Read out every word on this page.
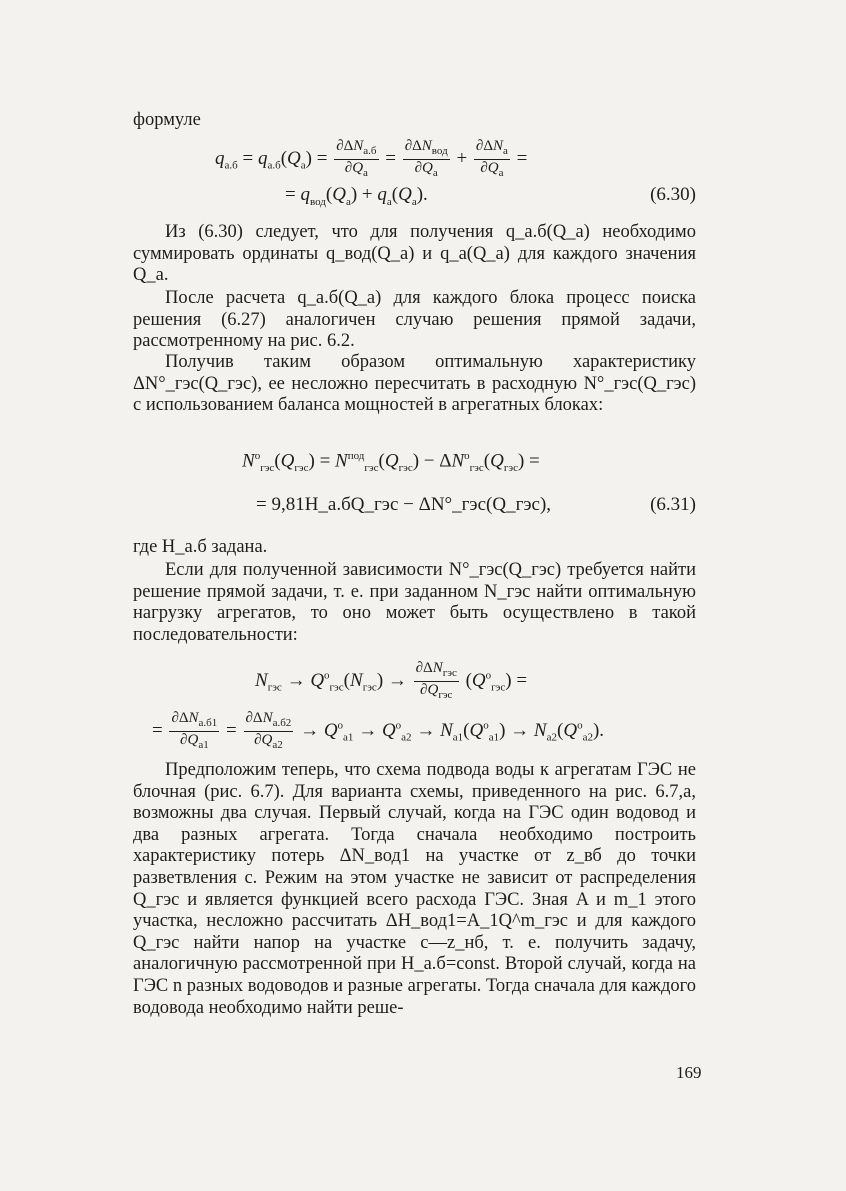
формуле

$q_{а.б} = q_{а.б}(Q_а) = \frac{\partial\Delta N_{а.б}}{\partial Q_а} = \frac{\partial\Delta N_{вод}}{\partial Q_а} + \frac{\partial\Delta N_а}{\partial Q_а}$ =
= $q_{вод}(Q_а) + q_а(Q_а)$.	(6.30)

Из (6.30) следует, что для получения q_а.б(Q_а) необходимо суммировать ординаты q_вод(Q_а) и q_а(Q_а) для каждого значения Q_а.

После расчета q_а.б(Q_а) для каждого блока процесс поиска решения (6.27) аналогичен случаю решения прямой задачи, рассмотренному на рис. 6.2.

Получив таким образом оптимальную характеристику ΔN°_гэс(Q_гэс), ее несложно пересчитать в расходную N°_гэс(Q_гэс) с использованием баланса мощностей в агрегатных блоках:

$N^о_{гэс}(Q_{гэс}) = N^{под}_{гэс}(Q_{гэс}) - \Delta N^о_{гэс}(Q_{гэс})$ =
= 9,81H_а.бQ_гэс − ΔN°_гэс(Q_гэс),	(6.31)

где H_а.б задана.

Если для полученной зависимости N°_гэс(Q_гэс) требуется найти решение прямой задачи, т. е. при заданном N_гэс найти оптимальную нагрузку агрегатов, то оно может быть осуществлено в такой последовательности:

$N_{гэс} \to Q^о_{гэс}(N_{гэс}) \to \frac{\partial\Delta N_{гэс}}{\partial Q_{гэс}} (Q^о_{гэс})$ =
= $\frac{\partial\Delta N_{а.б1}}{\partial Q_{а1}} = \frac{\partial\Delta N_{а.б2}}{\partial Q_{а2}} \to Q^о_{а1} \to Q^о_{а2} \to N_{а1}(Q^о_{а1}) \to N_{а2}(Q^о_{а2})$.

Предположим теперь, что схема подвода воды к агрегатам ГЭС не блочная (рис. 6.7). Для варианта схемы, приведенного на рис. 6.7,а, возможны два случая. Первый случай, когда на ГЭС один водовод и два разных агрегата. Тогда сначала необходимо построить характеристику потерь ΔN_вод1 на участке от z_вб до точки разветвления с. Режим на этом участке не зависит от распределения Q_гэс и является функцией всего расхода ГЭС. Зная A и m_1 этого участка, несложно рассчитать ΔH_вод1=A_1Q^m_гэс и для каждого Q_гэс найти напор на участке с—z_нб, т. е. получить задачу, аналогичную рассмотренной при H_а.б=const. Второй случай, когда на ГЭС n разных водоводов и разные агрегаты. Тогда сначала для каждого водовода необходимо найти реше-

169
